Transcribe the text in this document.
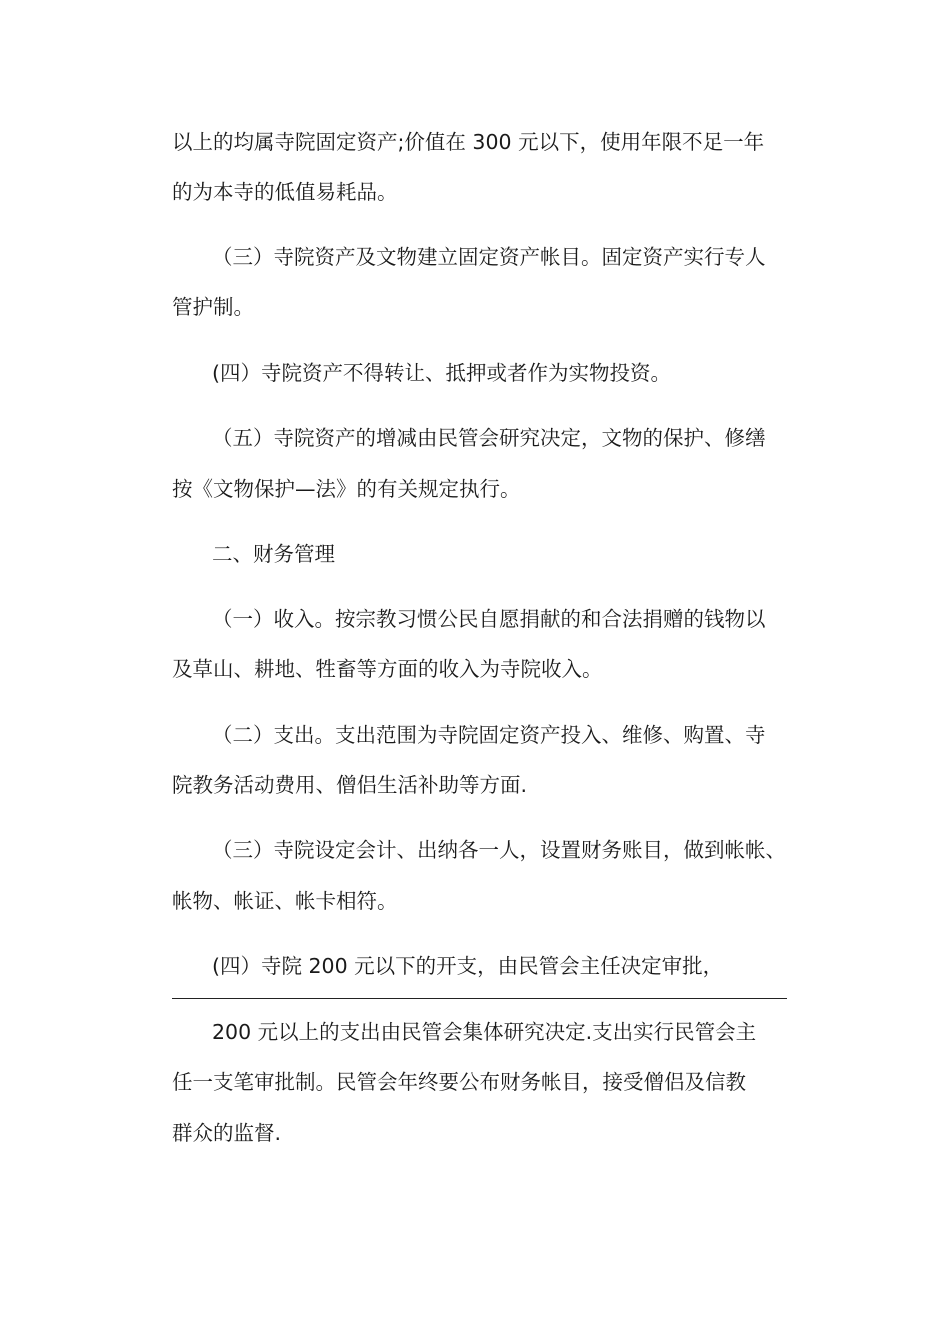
以上的均属寺院固定资产;价值在 300 元以下，使用年限不足一年
的为本寺的低值易耗品。
（三）寺院资产及文物建立固定资产帐目。固定资产实行专人
管护制。
(四）寺院资产不得转让、抵押或者作为实物投资。
（五）寺院资产的增减由民管会研究决定，文物的保护、修缮
按《文物保护—法》的有关规定执行。
二、财务管理
（一）收入。按宗教习惯公民自愿捐献的和合法捐赠的钱物以
及草山、耕地、牲畜等方面的收入为寺院收入。
（二）支出。支出范围为寺院固定资产投入、维修、购置、寺
院教务活动费用、僧侣生活补助等方面.
（三）寺院设定会计、出纳各一人，设置财务账目，做到帐帐、
帐物、帐证、帐卡相符。
(四）寺院 200 元以下的开支，由民管会主任决定审批，
200 元以上的支出由民管会集体研究决定.支出实行民管会主
任一支笔审批制。民管会年终要公布财务帐目，接受僧侣及信教
群众的监督.
